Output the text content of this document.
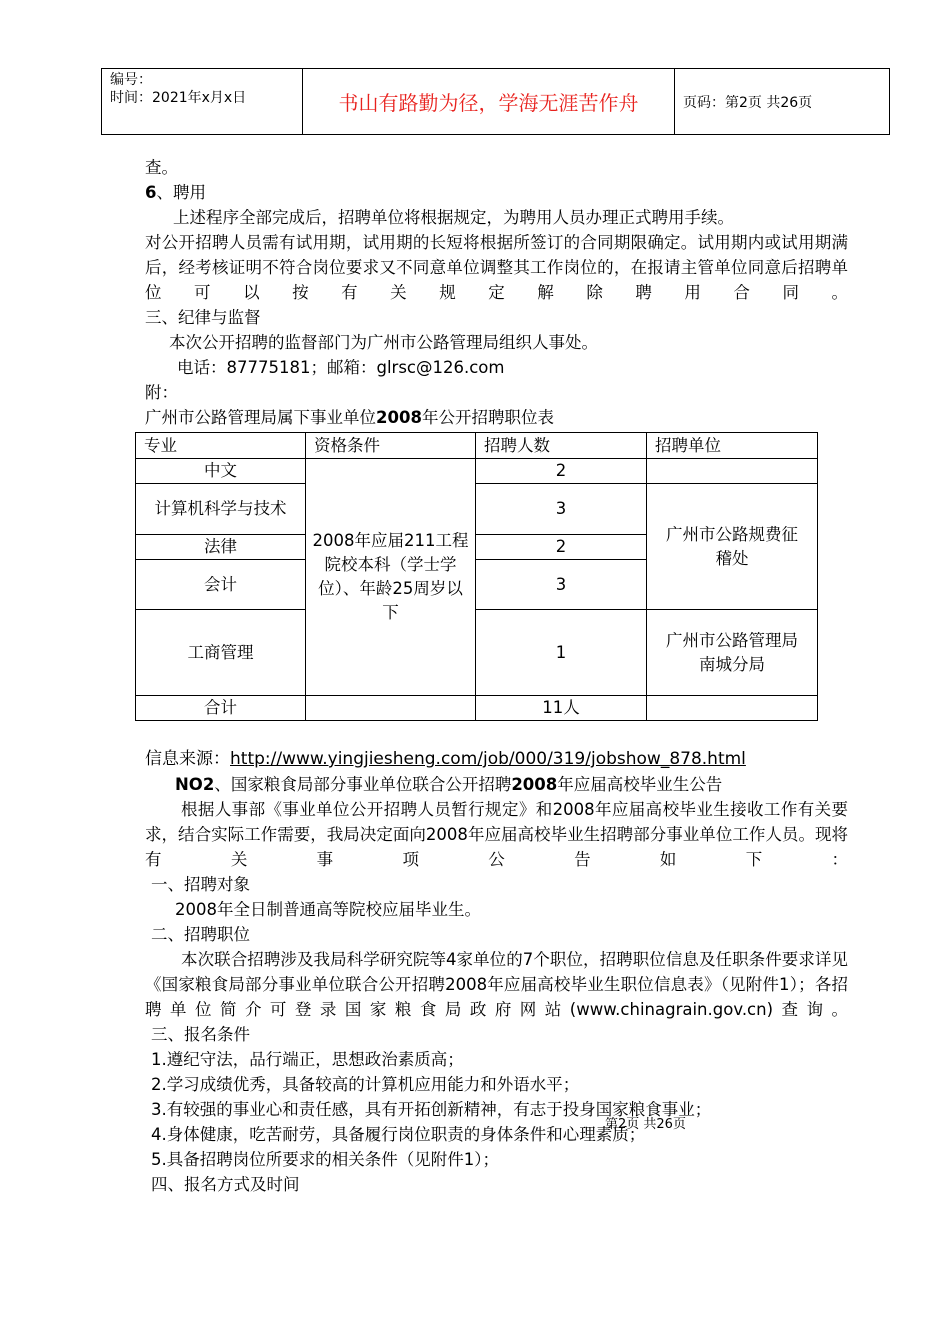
编号：
时间：2021年x月x日	书山有路勤为径，学海无涯苦作舟	页码：第2页 共26页
查。
6、聘用
上述程序全部完成后，招聘单位将根据规定，为聘用人员办理正式聘用手续。
对公开招聘人员需有试用期，试用期的长短将根据所签订的合同期限确定。试用期内或试用期满后，经考核证明不符合岗位要求又不同意单位调整其工作岗位的，在报请主管单位同意后招聘单位可以按有关规定解除聘用合同。
三、纪律与监督
本次公开招聘的监督部门为广州市公路管理局组织人事处。
电话：87775181；邮箱：glrsc@126.com
附：
广州市公路管理局属下事业单位2008年公开招聘职位表
专业	资格条件	招聘人数	招聘单位
中文	2008年应届211工程院校本科（学士学位）、年龄25周岁以下	2	
计算机科学与技术		3	广州市公路规费征稽处
法律		2	
会计		3	
工商管理		1	广州市公路管理局南城分局
合计		11人	
信息来源：http://www.yingjiesheng.com/job/000/319/jobshow_878.html
NO2、国家粮食局部分事业单位联合公开招聘2008年应届高校毕业生公告
根据人事部《事业单位公开招聘人员暂行规定》和2008年应届高校毕业生接收工作有关要求，结合实际工作需要，我局决定面向2008年应届高校毕业生招聘部分事业单位工作人员。现将有关事项公告如下：
一、招聘对象
2008年全日制普通高等院校应届毕业生。
二、招聘职位
本次联合招聘涉及我局科学研究院等4家单位的7个职位，招聘职位信息及任职条件要求详见《国家粮食局部分事业单位联合公开招聘2008年应届高校毕业生职位信息表》（见附件1）；各招聘单位简介可登录国家粮食局政府网站(www.chinagrain.gov.cn)查询。
三、报名条件
1.遵纪守法，品行端正，思想政治素质高；
2.学习成绩优秀，具备较高的计算机应用能力和外语水平；
3.有较强的事业心和责任感，具有开拓创新精神，有志于投身国家粮食事业；
4.身体健康，吃苦耐劳，具备履行岗位职责的身体条件和心理素质；
5.具备招聘岗位所要求的相关条件（见附件1）；
四、报名方式及时间
第2页 共26页
